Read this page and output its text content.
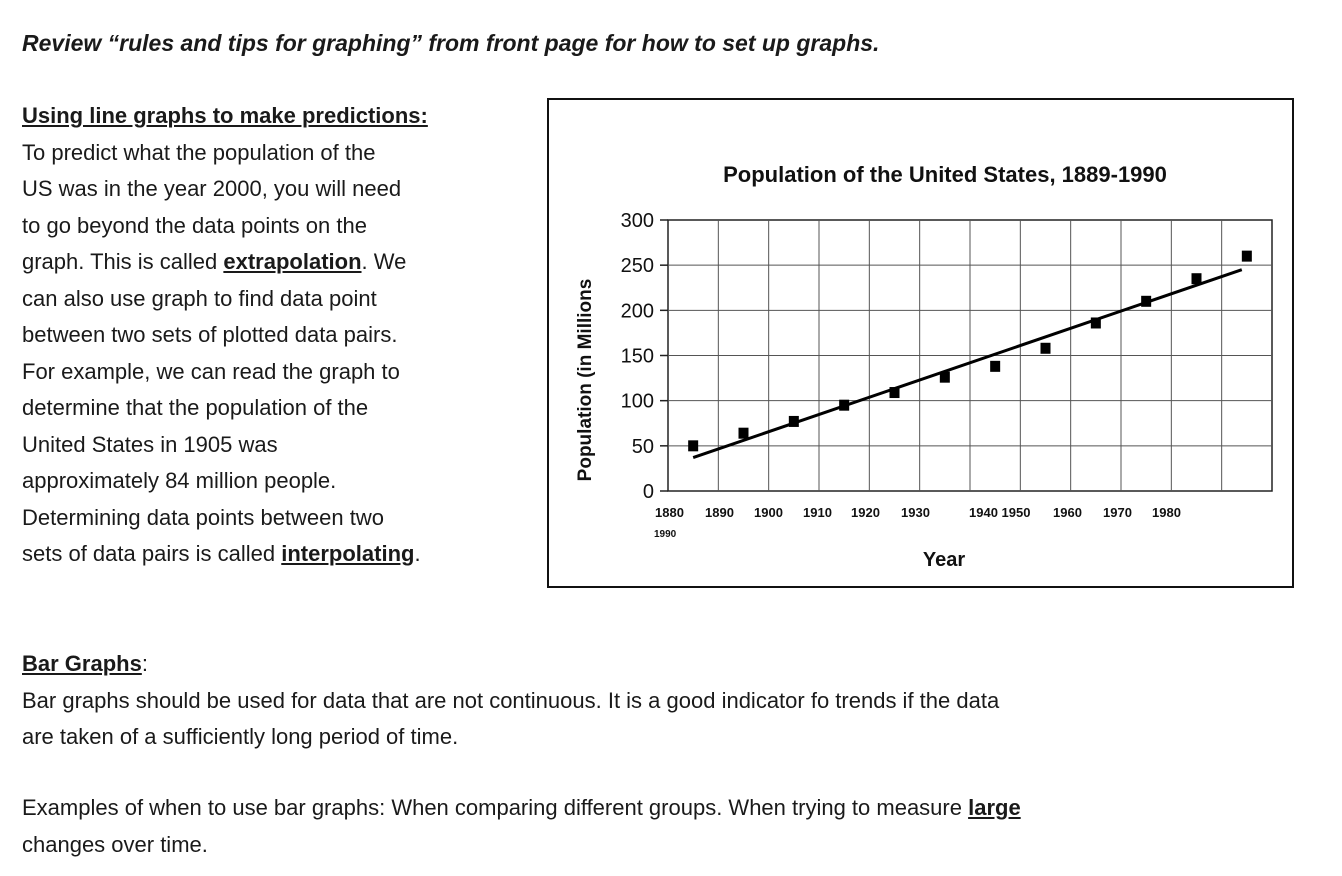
Review “rules and tips for graphing” from front page for how to set up graphs.
Using line graphs to make predictions:
To predict what the population of the
US was in the year 2000, you will need
to go beyond the data points on the
graph. This is called extrapolation. We
can also use graph to find data point
between two sets of plotted data pairs.
For example, we can read the graph to
determine that the population of the
United States in 1905 was
approximately 84 million people.
Determining data points between two
sets of data pairs is called interpolating.
Population of the United States, 1889-1990
Population (in Millions
Year
0
50
100
150
200
250
300
1880 1890 1900 1910 1920 1930	1940 1950 1960 1970 1980
1990
Bar Graphs:
Bar graphs should be used for data that are not continuous. It is a good indicator fo trends if the data
are taken of a sufficiently long period of time.
Examples of when to use bar graphs: When comparing different groups. When trying to measure large
changes over time.
